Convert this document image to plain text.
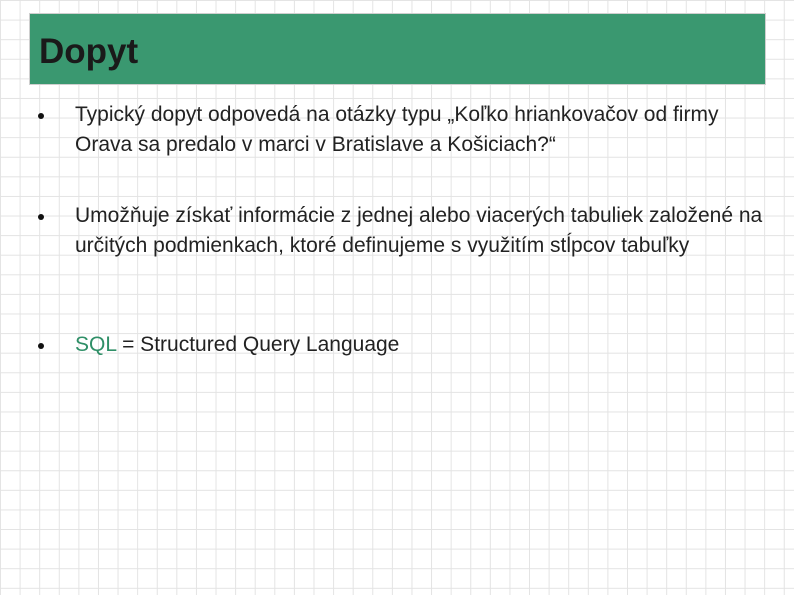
Dopyt
Typický dopyt odpovedá na otázky typu „Koľko hriankovačov od firmy Orava sa predalo v marci v Bratislave a Košiciach?“
Umožňuje získať informácie z jednej alebo viacerých tabuliek založené na určitých podmienkach, ktoré definujeme s využitím stĺpcov tabuľky
SQL = Structured Query Language
